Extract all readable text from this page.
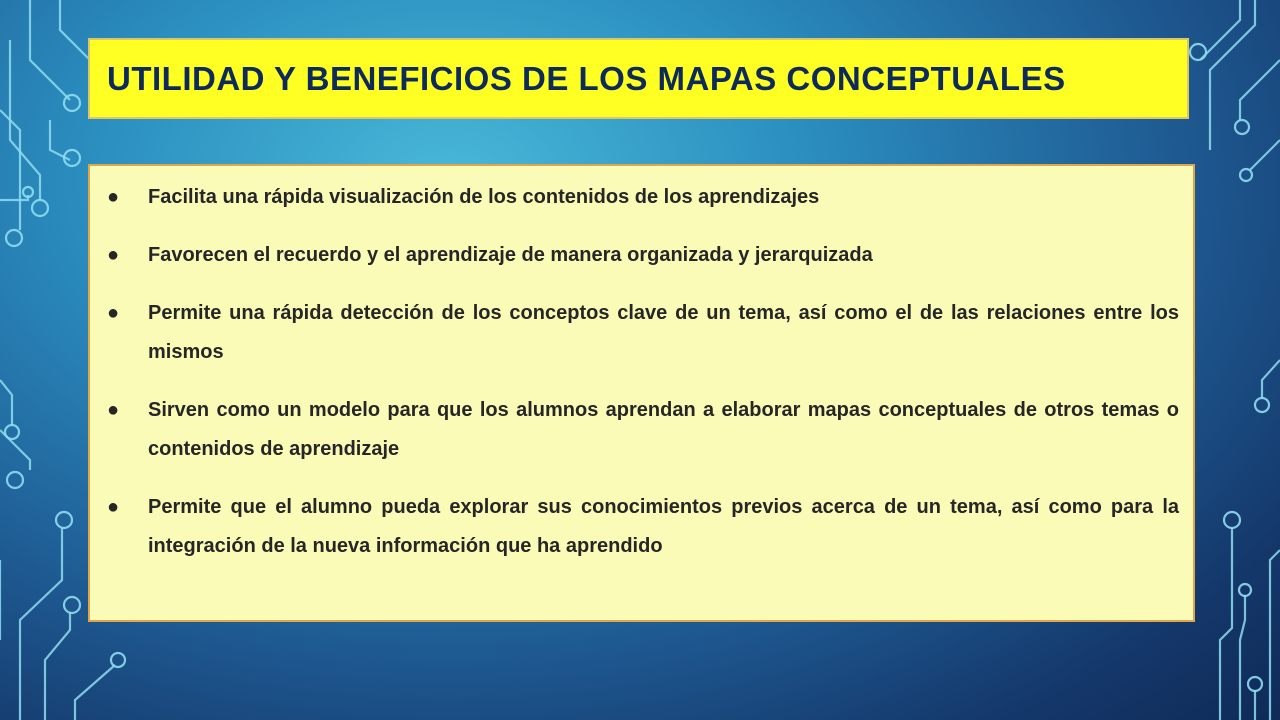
UTILIDAD Y BENEFICIOS DE LOS MAPAS CONCEPTUALES
● Facilita una rápida visualización de los contenidos de los aprendizajes
● Favorecen el recuerdo y el aprendizaje de manera organizada y jerarquizada
● Permite una rápida detección de los conceptos clave de un tema, así como el de las relaciones entre los mismos
● Sirven como un modelo para que los alumnos aprendan a elaborar mapas conceptuales de otros temas o contenidos de aprendizaje
● Permite que el alumno pueda explorar sus conocimientos previos acerca de un tema, así como para la integración de la nueva información que ha aprendido
